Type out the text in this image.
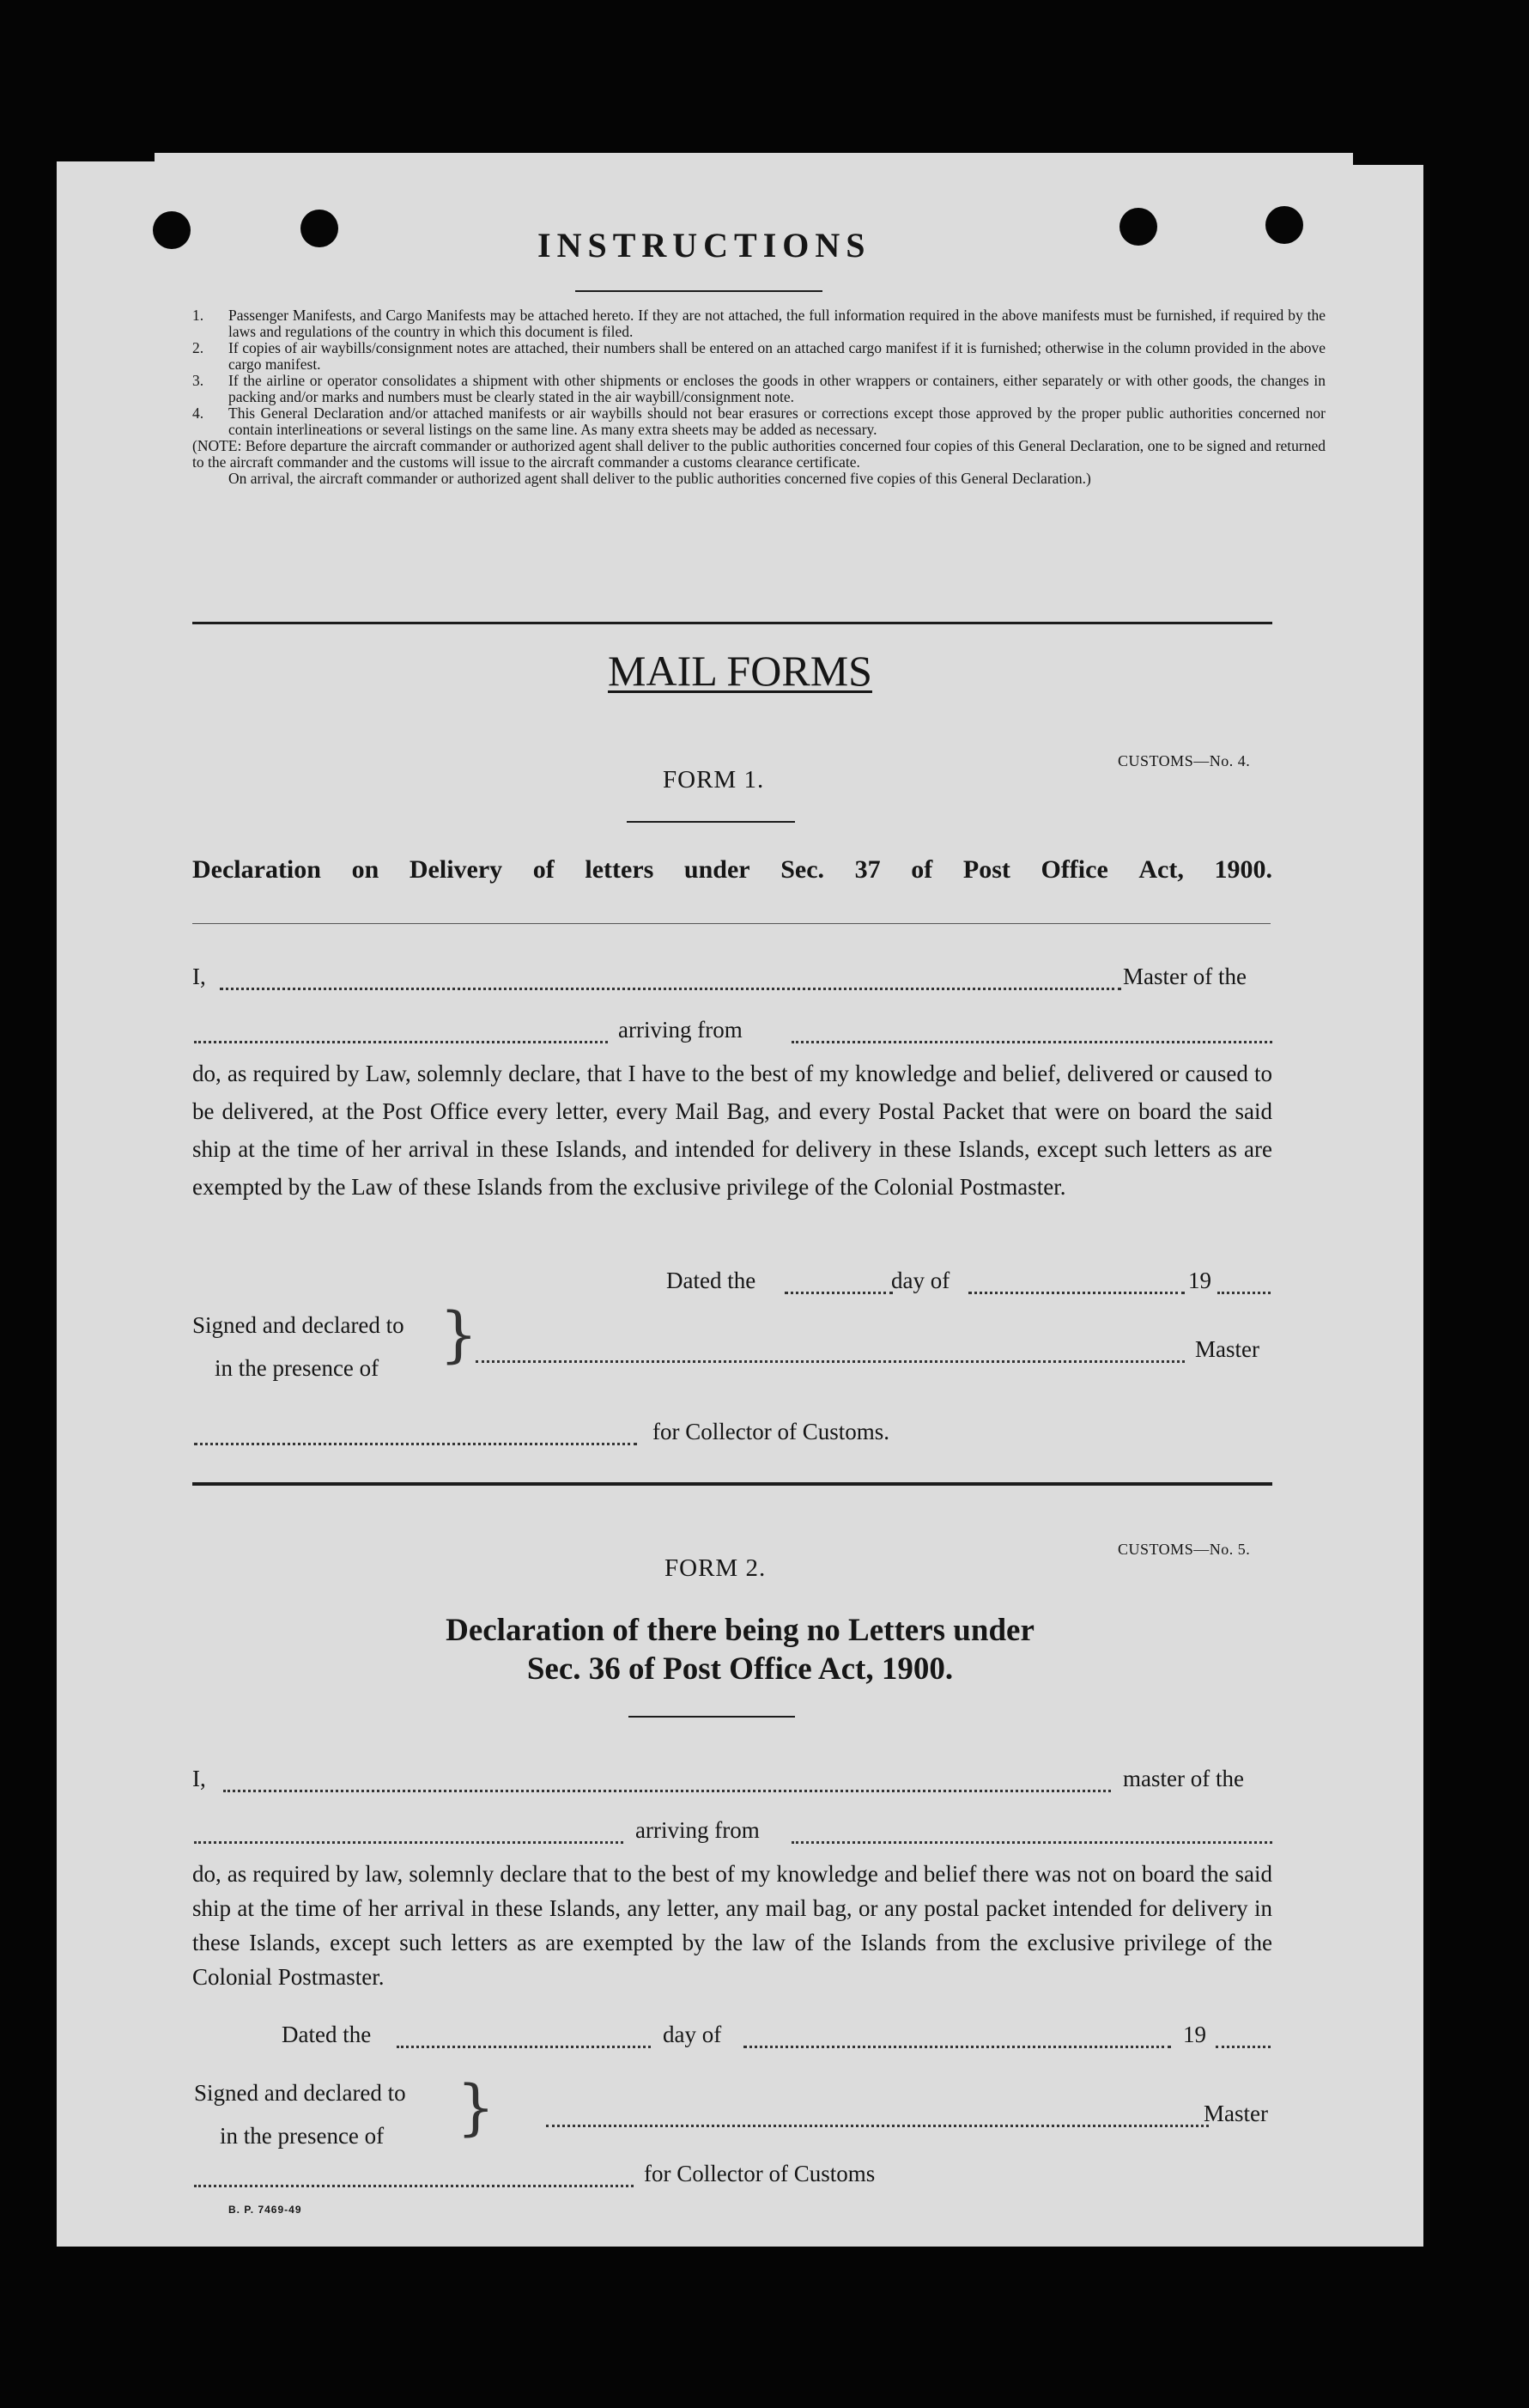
INSTRUCTIONS
1. Passenger Manifests, and Cargo Manifests may be attached hereto. If they are not attached, the full information required in the above manifests must be furnished, if required by the laws and regulations of the country in which this document is filed.
2. If copies of air waybills/consignment notes are attached, their numbers shall be entered on an attached cargo manifest if it is furnished; otherwise in the column provided in the above cargo manifest.
3. If the airline or operator consolidates a shipment with other shipments or encloses the goods in other wrappers or containers, either separately or with other goods, the changes in packing and/or marks and numbers must be clearly stated in the air waybill/consignment note.
4. This General Declaration and/or attached manifests or air waybills should not bear erasures or corrections except those approved by the proper public authorities concerned nor contain interlineations or several listings on the same line. As many extra sheets may be added as necessary.
(NOTE: Before departure the aircraft commander or authorized agent shall deliver to the public authorities concerned four copies of this General Declaration, one to be signed and returned to the aircraft commander and the customs will issue to the aircraft commander a customs clearance certificate.
On arrival, the aircraft commander or authorized agent shall deliver to the public authorities concerned five copies of this General Declaration.)
MAIL FORMS
CUSTOMS—No. 4.
FORM 1.
Declaration on Delivery of letters under Sec. 37 of Post Office Act, 1900.
I,	Master of the
arriving from
do, as required by Law, solemnly declare, that I have to the best of my knowledge and belief, delivered or caused to be delivered, at the Post Office every letter, every Mail Bag, and every Postal Packet that were on board the said ship at the time of her arrival in these Islands, and intended for delivery in these Islands, except such letters as are exempted by the Law of these Islands from the exclusive privilege of the Colonial Postmaster.
Dated the	day of	19
Signed and declared to
in the presence of }	Master
for Collector of Customs.
CUSTOMS—No. 5.
FORM 2.
Declaration of there being no Letters under
Sec. 36 of Post Office Act, 1900.
I,	master of the
arriving from
do, as required by law, solemnly declare that to the best of my knowledge and belief there was not on board the said ship at the time of her arrival in these Islands, any letter, any mail bag, or any postal packet intended for delivery in these Islands, except such letters as are exempted by the law of the Islands from the exclusive privilege of the Colonial Postmaster.
Dated the	day of	19
Signed and declared to
in the presence of }	Master
for Collector of Customs
B. P. 7469-49
